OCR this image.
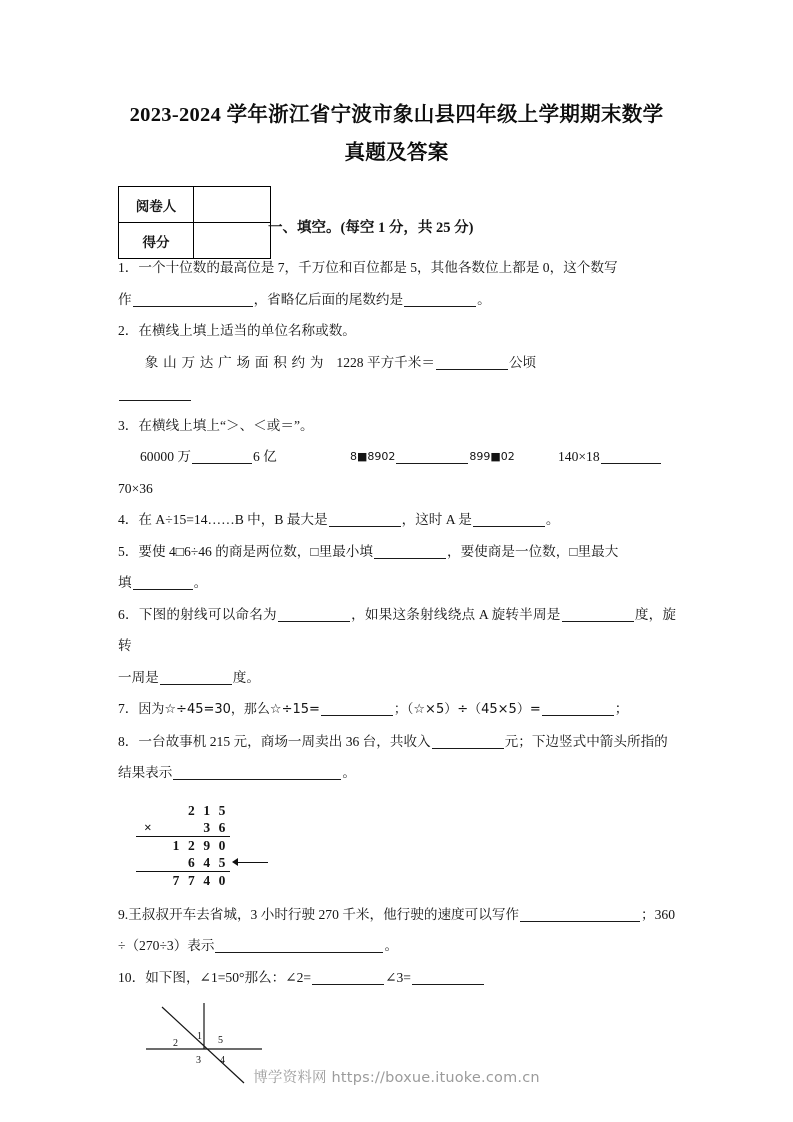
2023-2024 学年浙江省宁波市象山县四年级上学期期末数学
真题及答案
阅卷人	
得分	
一、填空。(每空 1 分，共 25 分)
1．一个十位数的最高位是 7，千万位和百位都是 5，其他各数位上都是 0，这个数写
作	，省略亿后面的尾数约是	。
2．在横线上填上适当的单位名称或数。
象山万达广场面积约为 12 28 平方千米＝	公顷
3．在横线上填上“＞、＜或＝”。
60000 万	6 亿	8■8902	899■02	140×18
70×36
4．在 A÷15=14……B 中，B 最大是	，这时 A 是	。
5．要使 4□6÷46 的商是两位数，□里最小填	，要使商是一位数，□里最大
填	。
6．下图的射线可以命名为	，如果这条射线绕点 A 旋转半周是	度，旋转
一周是	度。
7．因为☆÷45=30，那么☆÷15=	；（☆×5）÷（45×5）=	；
8．一台故事机 215 元，商场一周卖出 36 台，共收入	元；下边竖式中箭头所指的
结果表示	。
2 1 5
×	3 6
1 2 9 0
6 4 5
7 7 4 0
9.王叔叔开车去省城，3 小时行驶 270 千米，他行驶的速度可以写作	；360
÷（270÷3）表示	。
10．如下图，∠1=50°那么：∠2=	∠3=
1
2
3 4
5
博学资料网 https://boxue.ituoke.com.cn
